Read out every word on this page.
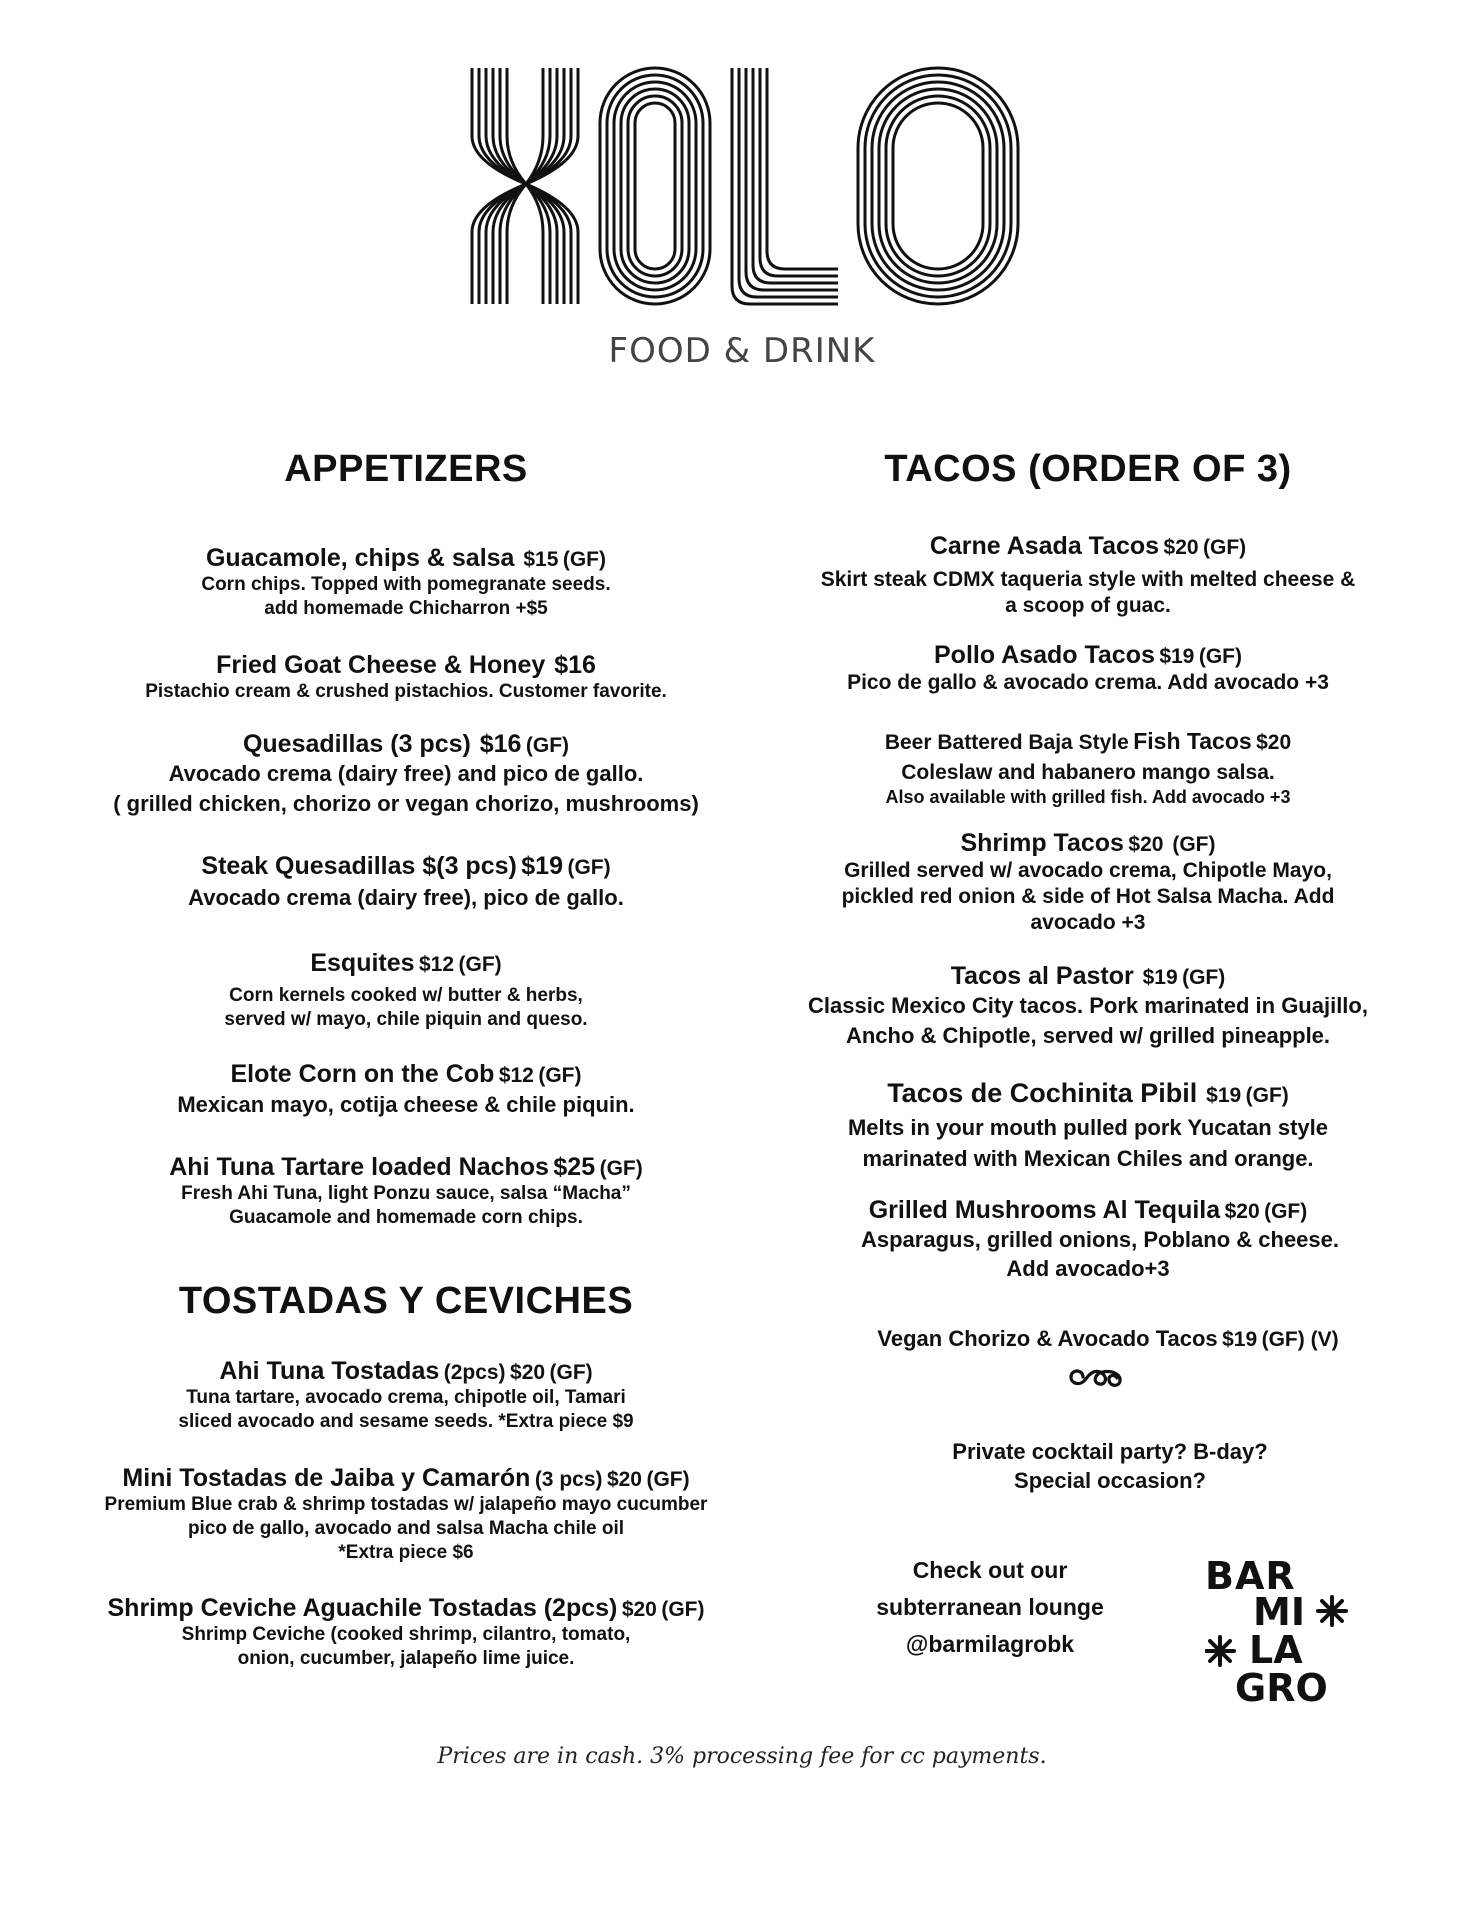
FOOD & DRINK
APPETIZERS
Guacamole, chips & salsa $15 (GF)
Corn chips. Topped with pomegranate seeds.
add homemade Chicharron +$5
Fried Goat Cheese & Honey $16
Pistachio cream & crushed pistachios. Customer favorite.
Quesadillas (3 pcs) $16 (GF)
Avocado crema (dairy free) and pico de gallo.
( grilled chicken, chorizo or vegan chorizo, mushrooms)
Steak Quesadillas $(3 pcs) $19 (GF)
Avocado crema (dairy free), pico de gallo.
Esquites $12 (GF)
Corn kernels cooked w/ butter & herbs,
served w/ mayo, chile piquin and queso.
Elote Corn on the Cob $12 (GF)
Mexican mayo, cotija cheese & chile piquin.
Ahi Tuna Tartare loaded Nachos $25 (GF)
Fresh Ahi Tuna, light Ponzu sauce, salsa “Macha”
Guacamole and homemade corn chips.
TOSTADAS Y CEVICHES
Ahi Tuna Tostadas (2pcs) $20 (GF)
Tuna tartare, avocado crema, chipotle oil, Tamari
sliced avocado and sesame seeds. *Extra piece $9
Mini Tostadas de Jaiba y Camarón (3 pcs) $20 (GF)
Premium Blue crab & shrimp tostadas w/ jalapeño mayo cucumber
pico de gallo, avocado and salsa Macha chile oil
*Extra piece $6
Shrimp Ceviche Aguachile Tostadas (2pcs) $20 (GF)
Shrimp Ceviche (cooked shrimp, cilantro, tomato,
onion, cucumber, jalapeño lime juice.
TACOS (ORDER OF 3)
Carne Asada Tacos $20 (GF)
Skirt steak CDMX taqueria style with melted cheese &
a scoop of guac.
Pollo Asado Tacos $19 (GF)
Pico de gallo & avocado crema. Add avocado +3
Beer Battered Baja Style Fish Tacos $20
Coleslaw and habanero mango salsa.
Also available with grilled fish. Add avocado +3
Shrimp Tacos $20 (GF)
Grilled served w/ avocado crema, Chipotle Mayo,
pickled red onion & side of Hot Salsa Macha. Add
avocado +3
Tacos al Pastor $19 (GF)
Classic Mexico City tacos. Pork marinated in Guajillo,
Ancho & Chipotle, served w/ grilled pineapple.
Tacos de Cochinita Pibil $19 (GF)
Melts in your mouth pulled pork Yucatan style
marinated with Mexican Chiles and orange.
Grilled Mushrooms Al Tequila $20 (GF)
Asparagus, grilled onions, Poblano & cheese.
Add avocado+3
Vegan Chorizo & Avocado Tacos $19 (GF) (V)
Private cocktail party? B-day?
Special occasion?
Check out our
subterranean lounge
@barmilagrobk
BAR
MI
LA
GRO
Prices are in cash. 3% processing fee for cc payments.
